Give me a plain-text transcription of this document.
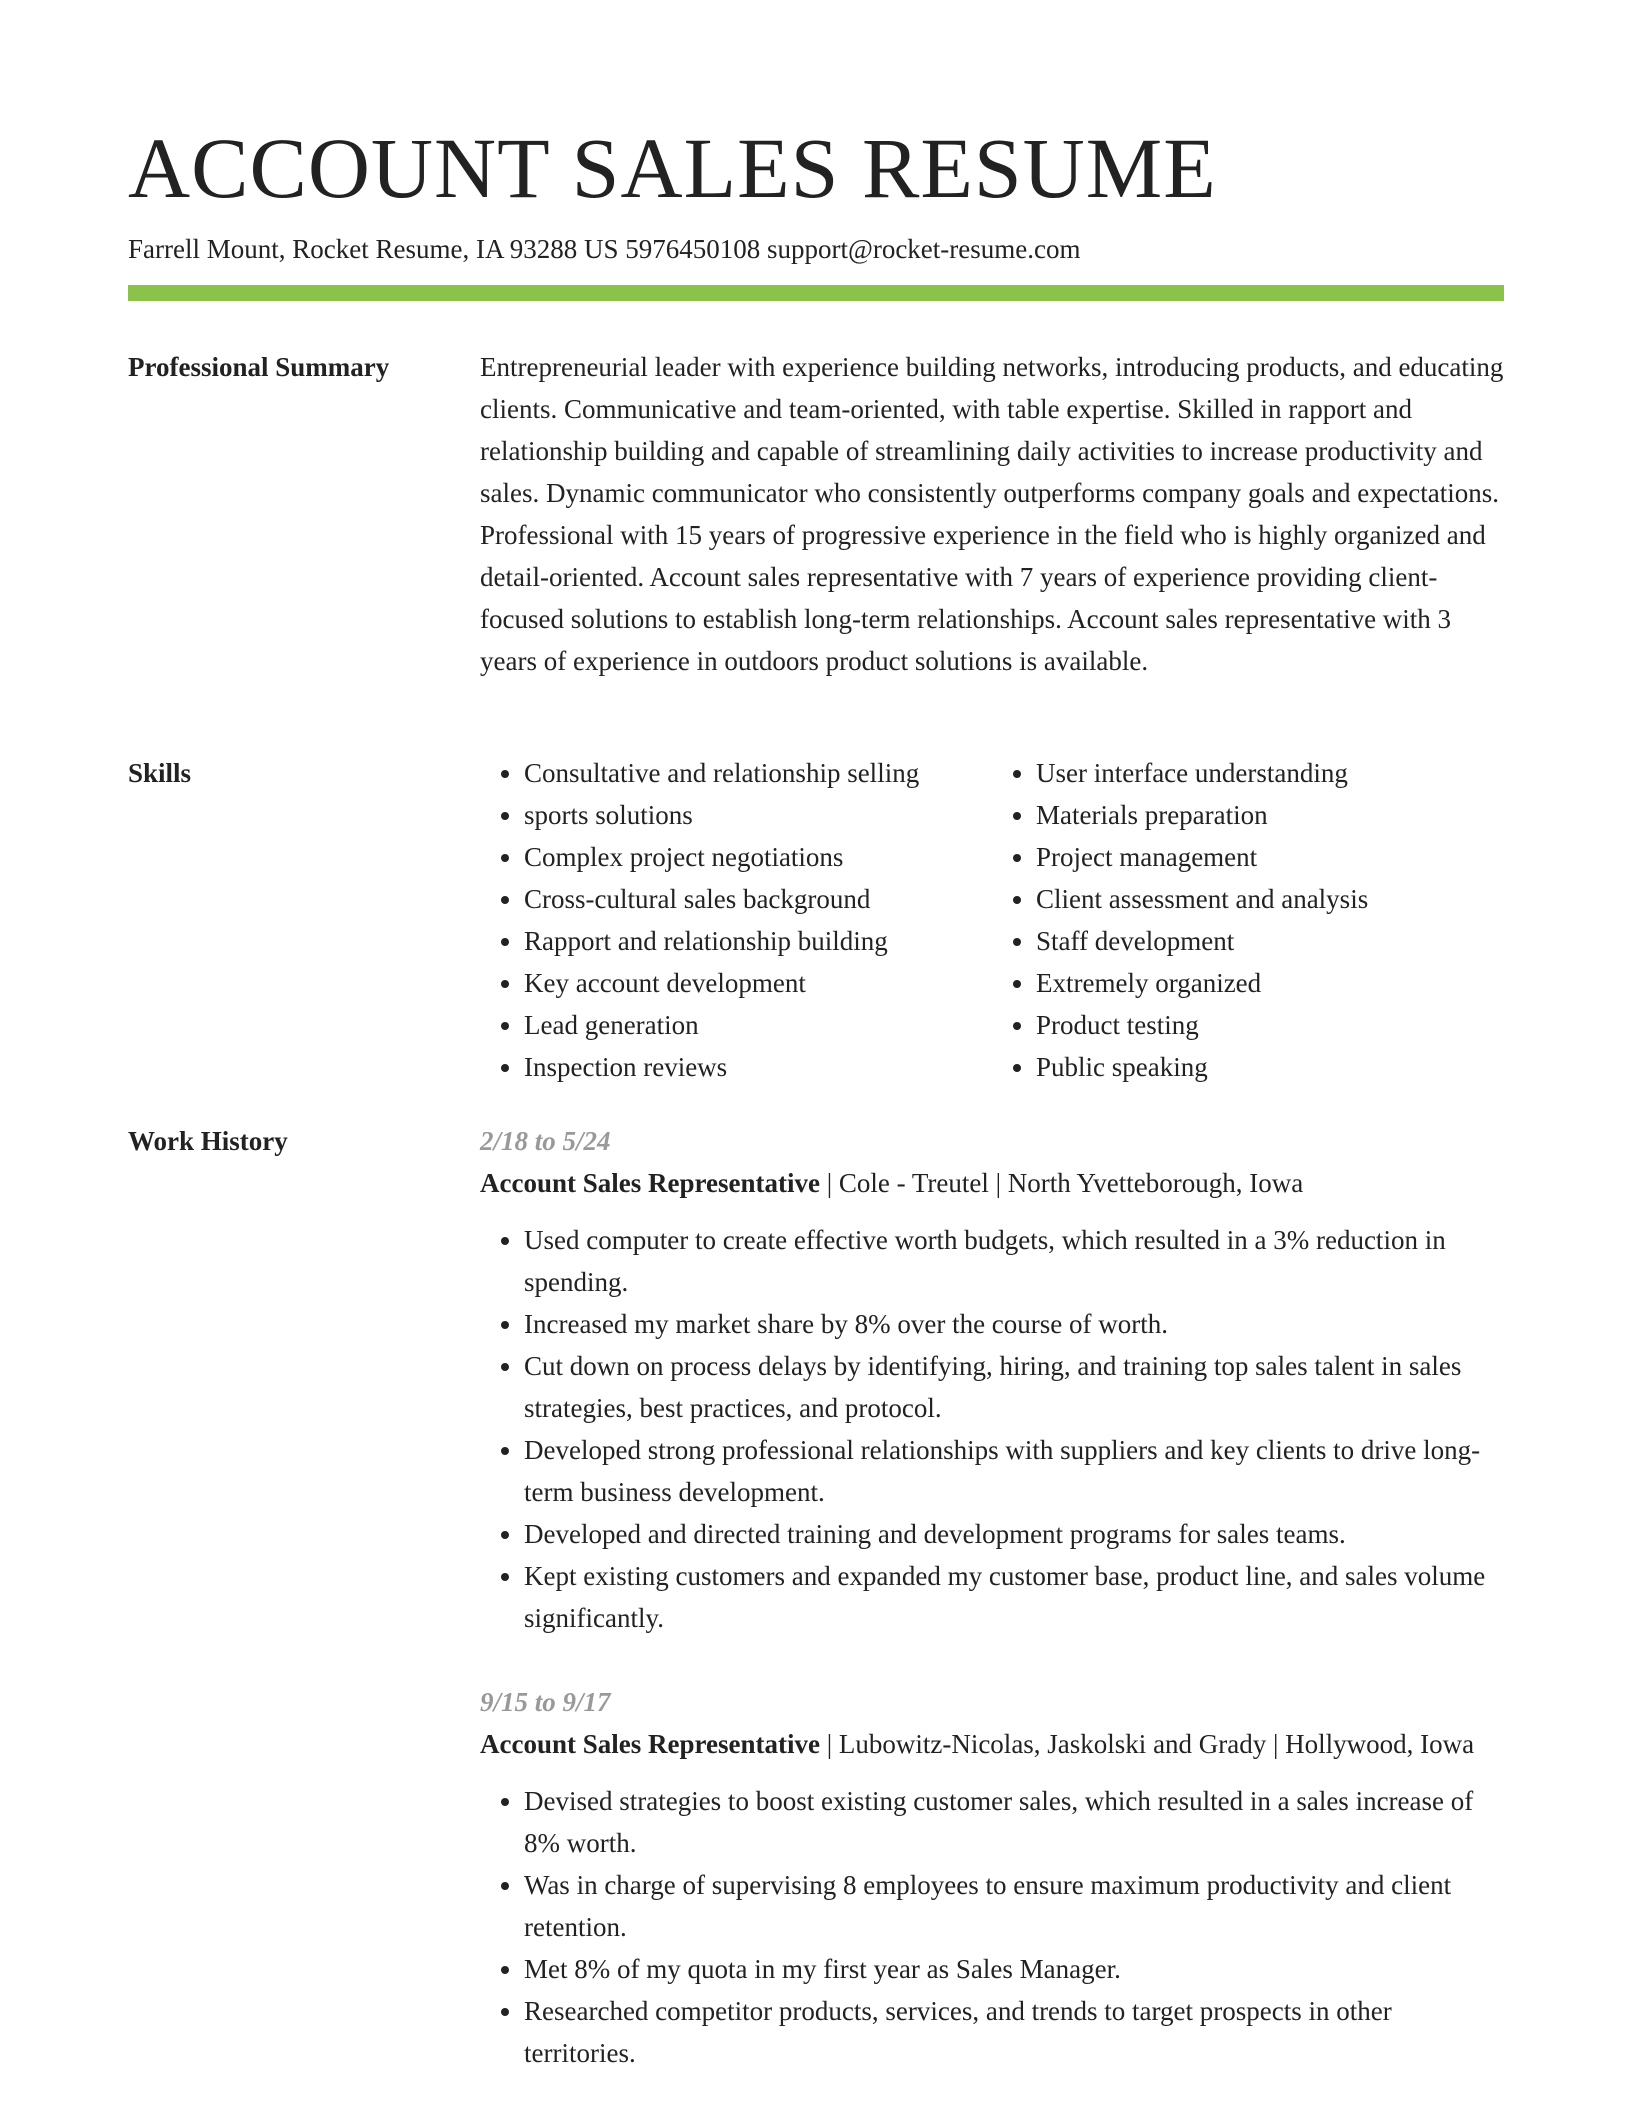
ACCOUNT SALES RESUME
Farrell Mount, Rocket Resume, IA 93288 US 5976450108 support@rocket-resume.com
Professional Summary	Entrepreneurial leader with experience building networks, introducing products, and educating clients. Communicative and team-oriented, with table expertise. Skilled in rapport and relationship building and capable of streamlining daily activities to increase productivity and sales. Dynamic communicator who consistently outperforms company goals and expectations. Professional with 15 years of progressive experience in the field who is highly organized and detail-oriented. Account sales representative with 7 years of experience providing client-focused solutions to establish long-term relationships. Account sales representative with 3 years of experience in outdoors product solutions is available.

Skills
•	Consultative and relationship selling
• sports solutions
• Complex project negotiations
• Cross-cultural sales background
• Rapport and relationship building
• Key account development
• Lead generation
• Inspection reviews
• User interface understanding
• Materials preparation
• Project management
• Client assessment and analysis
• Staff development
• Extremely organized
• Product testing
• Public speaking
Work History	2/18 to 5/24

Account Sales Representative | Cole - Treutel | North Yvetteborough, Iowa

• Used computer to create effective worth budgets, which resulted in a 3% reduction in spending.
• Increased my market share by 8% over the course of worth.
• Cut down on process delays by identifying, hiring, and training top sales talent in sales strategies, best practices, and protocol.
• Developed strong professional relationships with suppliers and key clients to drive long-term business development.
• Developed and directed training and development programs for sales teams.
• Kept existing customers and expanded my customer base, product line, and sales volume significantly.

9/15 to 9/17

Account Sales Representative | Lubowitz-Nicolas, Jaskolski and Grady | Hollywood, Iowa

• Devised strategies to boost existing customer sales, which resulted in a sales increase of 8% worth.
• Was in charge of supervising 8 employees to ensure maximum productivity and client retention.
• Met 8% of my quota in my first year as Sales Manager.
• Researched competitor products, services, and trends to target prospects in other territories.
